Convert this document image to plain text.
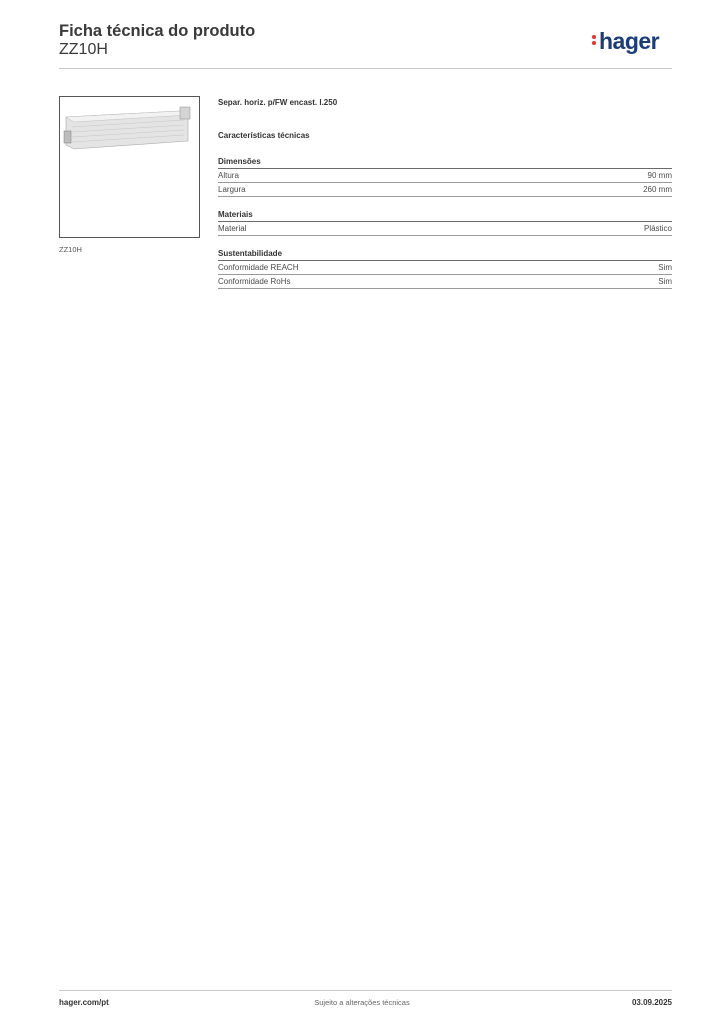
Ficha técnica do produto
ZZ10H	hager
ZZ10H
Separ. horiz. p/FW encast. l.250
Características técnicas
Dimensões
Altura	90 mm
Largura	260 mm
Materiais
Material	Plástico
Sustentabilidade
Conformidade REACH	Sim
Conformidade RoHs	Sim
hager.com/pt	Sujeito a alterações técnicas	03.09.2025
